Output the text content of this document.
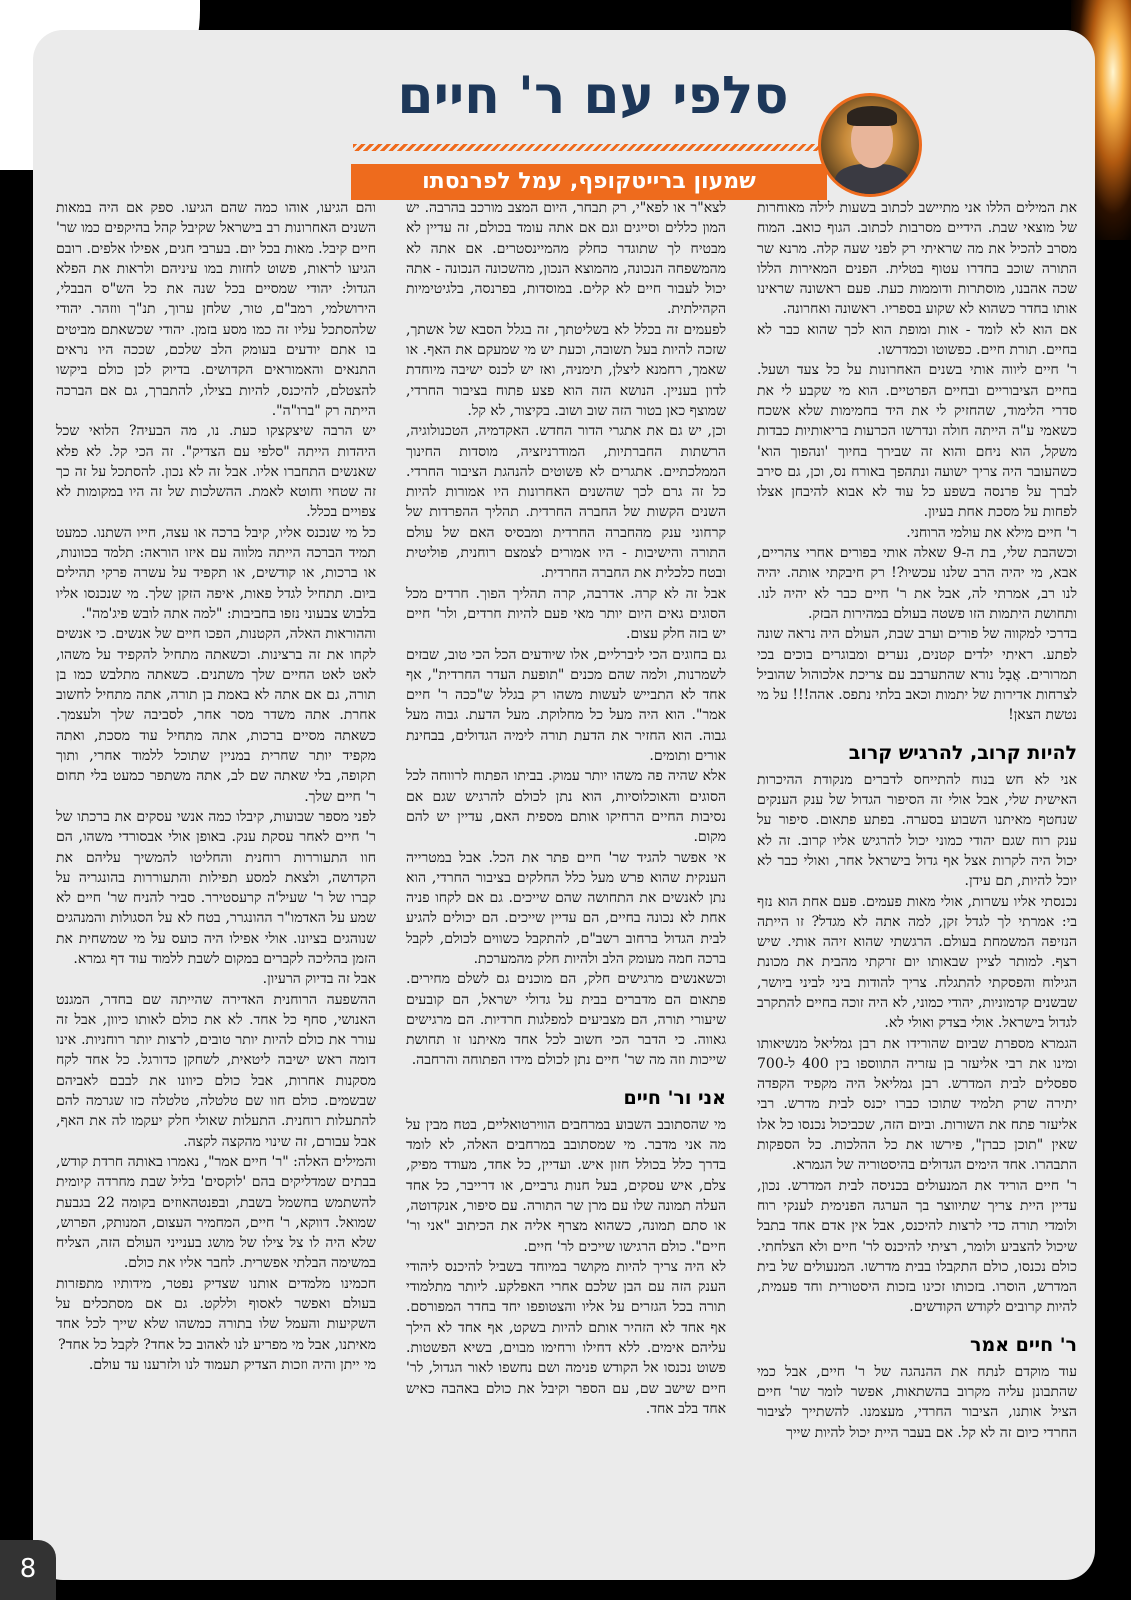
סלפי עם ר' חיים
שמעון ברייטקופף, עמל לפרנסתו

את המילים הללו אני מתיישב לכתוב בשעות לילה מאוחרות של מוצאי שבת. הידיים מסרבות לכתוב. הגוף כואב. המוח מסרב להכיל את מה שראיתי רק לפני שעה קלה. מרנא שר התורה שוכב בחדרו עטוף בטלית. הפנים המאירות הללו שכה אהבנו, מוסתרות ודוממות כעת. פעם ראשונה שראינו אותו בחדר כשהוא לא שקוע בספריו. ראשונה ואחרונה.

אם הוא לא לומד - אות ומופת הוא לכך שהוא כבר לא בחיים. תורת חיים. כפשוטו וכמדרשו.

ר' חיים ליווה אותי בשנים האחרונות על כל צעד ושעל. בחיים הציבוריים ובחיים הפרטיים. הוא מי שקבע לי את סדרי הלימוד, שהחזיק לי את היד בחמימות שלא אשכח כשאמי ע"ה הייתה חולה ונדרשו הכרעות בריאותיות כבדות משקל, הוא ניחם והוא זה שבירך בחיוך 'ונהפוך הוא' כשהעובר היה צריך ישועה ונתהפך באורח נס, וכן, גם סירב לברך על פרנסה בשפע כל עוד לא אבוא להיבחן אצלו לפחות על מסכת אחת בעיון.

ר' חיים מילא את עולמי הרוחני.

וכשהבת שלי, בת ה-9 שאלה אותי בפורים אחרי צהריים, אבא, מי יהיה הרב שלנו עכשיו?! רק חיבקתי אותה. יהיה לנו רב, אמרתי לה, אבל את ר' חיים כבר לא יהיה לנו. ותחושת היתמות הזו פשטה בעולם במהירות הבזק.

בדרכי למקווה של פורים וערב שבת, העולם היה נראה שונה לפתע. ראיתי ילדים קטנים, נערים ומבוגרים בוכים בכי תמרורים. אֲבָל נורא שהתערבב עם צריכת אלכוהול שהוביל לצרחות אדירות של יתמות וכאב בלתי נתפס. אהה!!! על מי נטשת הצאן!

להיות קרוב, להרגיש קרוב

אני לא חש בנוח להתייחס לדברים מנקודת ההיכרות האישית שלי, אבל אולי זה הסיפור הגדול של ענק הענקים שנחטף מאיתנו השבוע בסערה. בפתע פתאום. סיפור על ענק רוח שגם יהודי כמוני יכול להרגיש אליו קרוב. זה לא יכול היה לקרות אצל אף גדול בישראל אחר, ואולי כבר לא יוכל להיות, תם עידן.

נכנסתי אליו עשרות, אולי מאות פעמים. פעם אחת הוא נזף בי: אמרתי לך לגדל זקן, למה אתה לא מגדל? זו הייתה הנזיפה המשמחת בעולם. הרגשתי שהוא זיהה אותי. שיש רצף. למותר לציין שבאותו יום זרקתי מהבית את מכונת הגילוח והפסקתי להתגלח. צריך להודות ביני לביני ביושר, שבשנים קדמוניות, יהודי כמוני, לא היה זוכה בחיים להתקרב לגדול בישראל. אולי בצדק ואולי לא.

הגמרא מספרת שביום שהורידו את רבן גמליאל מנשיאותו ומינו את רבי אליעזר בן עזריה התווספו בין 400 ל-700 ספסלים לבית המדרש. רבן גמליאל היה מקפיד הקפדה יתירה שרק תלמיד שתוכו כברו יכנס לבית מדרש. רבי אליעזר פתח את השורות. וביום הזה, שכביכול נכנסו כל אלו שאין "תוכן כברן", פירשו את כל ההלכות. כל הספקות התבהרו. אחד הימים הגדולים בהיסטוריה של הגמרא.

ר' חיים הוריד את המנעולים בכניסה לבית המדרש. נכון, עדיין היית צריך שתיווצר בך הערגה הפנימית לענקי רוח ולומדי תורה כדי לרצות להיכנס, אבל אין אדם אחד בתבל שיכול להצביע ולומר, רציתי להיכנס לר' חיים ולא הצלחתי. כולם נכנסו, כולם התקבלו בבית מדרשו. המנעולים של בית המדרש, הוסרו. בזכותו זכינו בזכות היסטורית וחד פעמית, להיות קרובים לקודש הקודשים.

ר' חיים אמר

עוד מוקדם לנתח את ההנהגה של ר' חיים, אבל כמי שהתבונן עליה מקרוב בהשתאות, אפשר לומר שר' חיים הציל אותנו, הציבור החרדי, מעצמנו. להשתייך לציבור החרדי כיום זה לא קל. אם בעבר היית יכול להיות שייך

לצא"ר או לפא"י, רק תבחר, היום המצב מורכב בהרבה. יש המון כללים וסייגים וגם אם אתה עומד בכולם, זה עדיין לא מבטיח לך שתוגדר כחלק מהמיינסטרים. אם אתה לא מהמשפחה הנכונה, מהמוצא הנכון, מהשכונה הנכונה - אתה יכול לעבור חיים לא קלים. במוסדות, בפרנסה, בלגיטימיות הקהילתית.

לפעמים זה בכלל לא בשליטתך, זה בגלל הסבא של אשתך, שזכה להיות בעל תשובה, וכעת יש מי שמעקם את האף. או שאמך, רחמנא ליצלן, תימניה, ואז יש לכנס ישיבה מיוחדת לדון בעניין. הנושא הזה הוא פצע פתוח בציבור החרדי, שמוצף כאן בטור הזה שוב ושוב. בקיצור, לא קל.

וכן, יש גם את אתגרי הדור החדש. האקדמיה, הטכנולוגיה, הרשתות החברתיות, המודרניזציה, מוסדות החינוך הממלכתיים. אתגרים לא פשוטים להנהגת הציבור החרדי. כל זה גרם לכך שהשנים האחרונות היו אמורות להיות השנים הקשות של החברה החרדית. תהליך ההפרדות של קרחוני ענק מהחברה החרדית ומבסיס האם של עולם התורה והישיבות - היו אמורים לצמצם רוחנית, פוליטית ובטח כלכלית את החברה החרדית.

אבל זה לא קרה. אדרבה, קרה תהליך הפוך. חרדים מכל הסוגים גאים היום יותר מאי פעם להיות חרדים, ולר' חיים יש בזה חלק עצום.

גם בחוגים הכי ליברליים, אלו שיודעים הכל הכי טוב, שבזים לשמרנות, ולמה שהם מכנים "תופעת העדר החרדית", אף אחד לא התבייש לעשות משהו רק בגלל ש"ככה ר' חיים אמר". הוא היה מעל כל מחלוקת. מעל הדעת. גבוה מעל גבוה. הוא החזיר את הדעת תורה לימיה הגדולים, בבחינת אורים ותומים.

אלא שהיה פה משהו יותר עמוק. בביתו הפתוח לרווחה לכל הסוגים והאוכלוסיות, הוא נתן לכולם להרגיש שגם אם נסיבות החיים הרחיקו אותם מספית האם, עדיין יש להם מקום.

אי אפשר להגיד שר' חיים פתר את הכל. אבל במטרייה הענקית שהוא פרש מעל כלל החלקים בציבור החרדי, הוא נתן לאנשים את התחושה שהם שייכים. גם אם לקחו פניה אחת לא נכונה בחיים, הם עדיין שייכים. הם יכולים להגיע לבית הגדול ברחוב רשב"ם, להתקבל כשווים לכולם, לקבל ברכה חמה מעומק הלב ולהיות חלק מהמערכת.

וכשאנשים מרגישים חלק, הם מוכנים גם לשלם מחירים. פתאום הם מדברים בבית על גדולי ישראל, הם קובעים שיעורי תורה, הם מצביעים למפלגות חרדיות. הם מרגישים גאווה. כי הדבר הכי חשוב לכל אחד מאיתנו זו תחושת שייכות וזה מה שר' חיים נתן לכולם מידו הפתוחה והרחבה.

אני ור' חיים

מי שהסתובב השבוע במרחבים הווירטואליים, בטח מבין על מה אני מדבר. מי שמסתובב במרחבים האלה, לא לומד בדרך כלל בכולל חזון איש. ועדיין, כל אחד, מעודד מפיק, צלם, איש עסקים, בעל חנות גרביים, או דרייבר, כל אחד העלה תמונה שלו עם מרן שר התורה. עם סיפור, אנקדוטה, או סתם תמונה, כשהוא מצרף אליה את הכיתוב "אני ור' חיים". כולם הרגישו שייכים לר' חיים.

לא היה צריך להיות מקושר במיוחד בשביל להיכנס ליהודי הענק הזה עם הבן שלכם אחרי האפלקע. ליותר מתלמודי תורה בכל הגזרים על אליו והצטופפו יחד בחדר המפורסם. אף אחד לא הזהיר אותם להיות בשקט, אף אחד לא הילך עליהם אימים. ללא דחילו ורחימו מבוים, בשיא הפשטות. פשוט נכנסו אל הקודש פנימה ושם נחשפו לאור הגדול, לר' חיים שישב שם, עם הספר וקיבל את כולם באהבה כאיש אחד בלב אחד.

והם הגיעו, אוהו כמה שהם הגיעו. ספק אם היה במאות השנים האחרונות רב בישראל שקיבל קהל בהיקפים כמו שר' חיים קיבל. מאות בכל יום. בערבי חגים, אפילו אלפים. רובם הגיעו לראות, פשוט לחזות במו עיניהם ולראות את הפלא הגדול: יהודי שמסיים בכל שנה את כל הש"ס הבבלי, הירושלמי, רמב"ם, טור, שלחן ערוך, תנ"ך ווזהר. יהודי שלהסתכל עליו זה כמו מסע בזמן. יהודי שכשאתם מביטים בו אתם יודעים בעומק הלב שלכם, שככה היו נראים התנאים והאמוראים הקדושים. בדיוק לכן כולם ביקשו להצטלם, להיכנס, להיות בצילו, להתברך, גם אם הברכה הייתה רק "ברו"ה".

יש הרבה שיצקצקו כעת. נו, מה הבעיה? הלואי שכל היהדות הייתה "סלפי עם הצדיק". זה הכי קל. לא פלא שאנשים התחברו אליו. אבל זה לא נכון. להסתכל על זה כך זה שטחי וחוטא לאמת. ההשלכות של זה היו במקומות לא צפויים בכלל.

כל מי שנכנס אליו, קיבל ברכה או עצה, חייו השתנו. כמעט תמיד הברכה הייתה מלווה עם איזו הוראה: תלמד בכוונות, או ברכות, או קודשים, או תקפיד על עשרה פרקי תהילים ביום. תתחיל לגדל פאות, איפה הזקן שלך. מי שנכנסו אליו בלבוש צבעוני נזפו בחביבות: "למה אתה לובש פיג'מה".

וההוראות האלה, הקטנות, הפכו חיים של אנשים. כי אנשים לקחו את זה ברצינות. וכשאתה מתחיל להקפיד על משהו, לאט לאט החיים שלך משתנים. כשאתה מתלבש כמו בן תורה, גם אם אתה לא באמת בן תורה, אתה מתחיל לחשוב אחרת. אתה משדר מסר אחר, לסביבה שלך ולעצמך. כשאתה מסיים ברכות, אתה מתחיל עוד מסכת, ואתה מקפיד יותר שחרית במניין שתוכל ללמוד אחרי, ותוך תקופה, בלי שאתה שם לב, אתה משתפר כמעט בלי תחום ר' חיים שלך.

לפני מספר שבועות, קיבלו כמה אנשי עסקים את ברכתו של ר' חיים לאחר עסקת ענק. באופן אולי אבסורדי משהו, הם חוו התעוררות רוחנית והחליטו להמשיך עליהם את הקדושה, ולצאת למסע תפילות והתעוררות בהונגריה על קברו של ר' שעיל'ה קרעסטירר. סביר להניח שר' חיים לא שמע על האדמו"ר ההונגרר, בטח לא על הסגולות והמנהגים שנוהגים בציונו. אולי אפילו היה כועס על מי שמשחית את הזמן בהליכה לקברים במקום לשבת ללמוד עוד דף גמרא.

אבל זה בדיוק הרעיון.

ההשפעה הרוחנית האדירה שהייתה שם בחדר, המגנט האנושי, סחף כל אחד. לא את כולם לאותו כיוון, אבל זה עורר את כולם להיות יותר טובים, לרצות יותר רוחניות. אינו דומה ראש ישיבה ליטאית, לשחקן כדורגל. כל אחד לקח מסקנות אחרות, אבל כולם כיוונו את לבבם לאביהם שבשמים. כולם חוו שם טלטלה, טלטלה כזו שגרמה להם להתעלות רוחנית. התעלות שאולי חלק יעקמו לה את האף, אבל עבורם, זה שינוי מהקצה לקצה.

והמילים האלה: "ר' חיים אמר", נאמרו באותה חרדת קודש, בבתים שמדליקים בהם 'לוקסים' בליל שבת מחרדה קיומית להשתמש בחשמל בשבת, ובפנטהאוזים בקומה 22 בגבעת שמואל. דווקא, ר' חיים, המחמיר העצום, המנותק, הפרוש, שלא היה לו צל צילו של מושג בענייני העולם הזה, הצליח במשימה הבלתי אפשרית. לחבר אליו את כולם.

חכמינו מלמדים אותנו שצדיק נפטר, מידותיו מתפזרות בעולם ואפשר לאסוף וללקט. גם אם מסתכלים על השקיעות והעמל שלו בתורה כמשהו שלא שייך לכל אחד מאיתנו, אבל מי מפריע לנו לאהוב כל אחד? לקבל כל אחד?

מי ייתן והיה וזכות הצדיק תעמוד לנו ולזרענו עד עולם.

8
